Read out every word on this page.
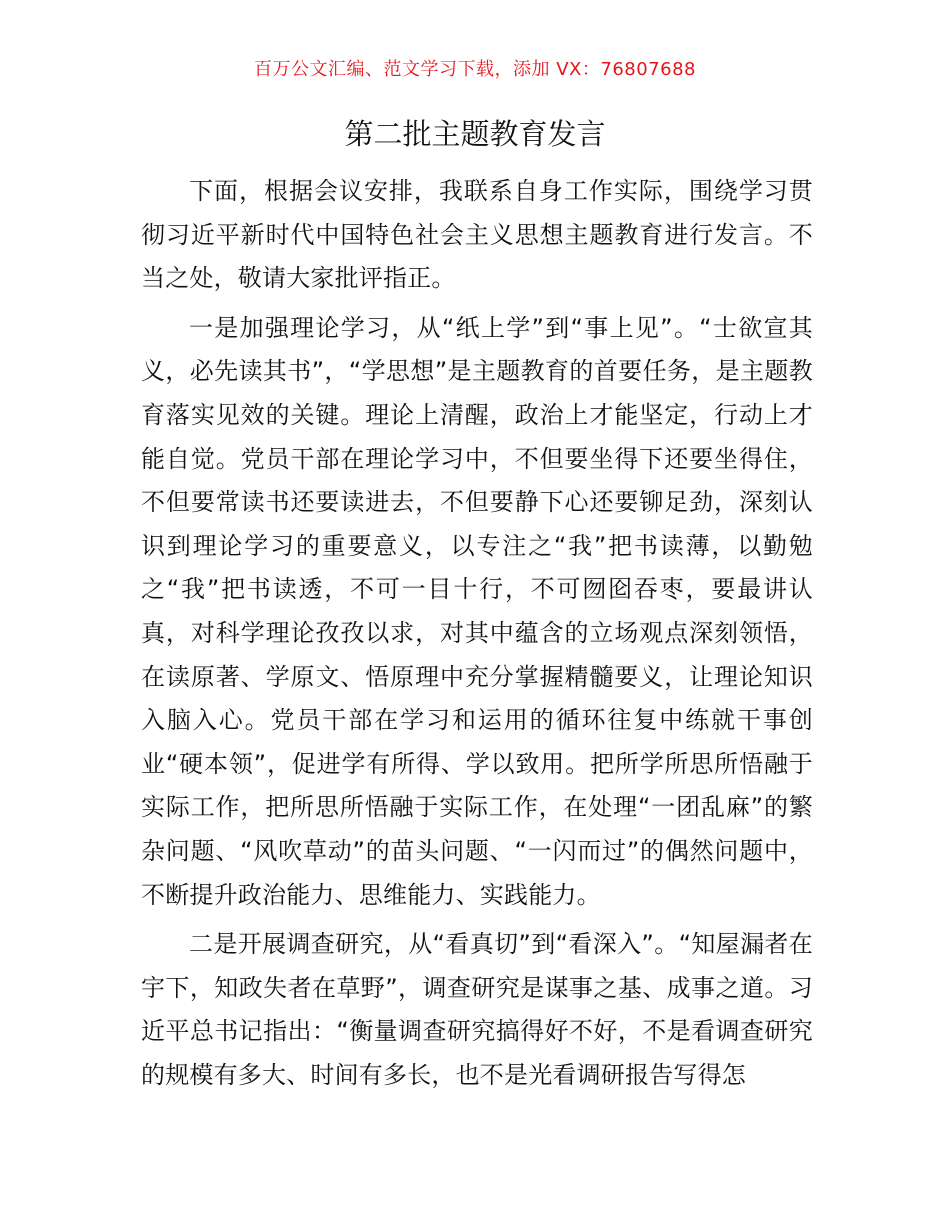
百万公文汇编、范文学习下载，添加 VX：76807688
第二批主题教育发言

下面，根据会议安排，我联系自身工作实际，围绕学习贯彻习近平新时代中国特色社会主义思想主题教育进行发言。不当之处，敬请大家批评指正。

一是加强理论学习，从“纸上学”到“事上见”。“士欲宣其义，必先读其书”，“学思想”是主题教育的首要任务，是主题教育落实见效的关键。理论上清醒，政治上才能坚定，行动上才能自觉。党员干部在理论学习中，不但要坐得下还要坐得住，不但要常读书还要读进去，不但要静下心还要铆足劲，深刻认识到理论学习的重要意义，以专注之“我”把书读薄，以勤勉之“我”把书读透，不可一目十行，不可囫囵吞枣，要最讲认真，对科学理论孜孜以求，对其中蕴含的立场观点深刻领悟，在读原著、学原文、悟原理中充分掌握精髓要义，让理论知识入脑入心。党员干部在学习和运用的循环往复中练就干事创业“硬本领”，促进学有所得、学以致用。把所学所思所悟融于实际工作，把所思所悟融于实际工作，在处理“一团乱麻”的繁杂问题、“风吹草动”的苗头问题、“一闪而过”的偶然问题中，不断提升政治能力、思维能力、实践能力。

二是开展调查研究，从“看真切”到“看深入”。“知屋漏者在宇下，知政失者在草野”，调查研究是谋事之基、成事之道。习近平总书记指出：“衡量调查研究搞得好不好，不是看调查研究的规模有多大、时间有多长，也不是光看调研报告写得怎
